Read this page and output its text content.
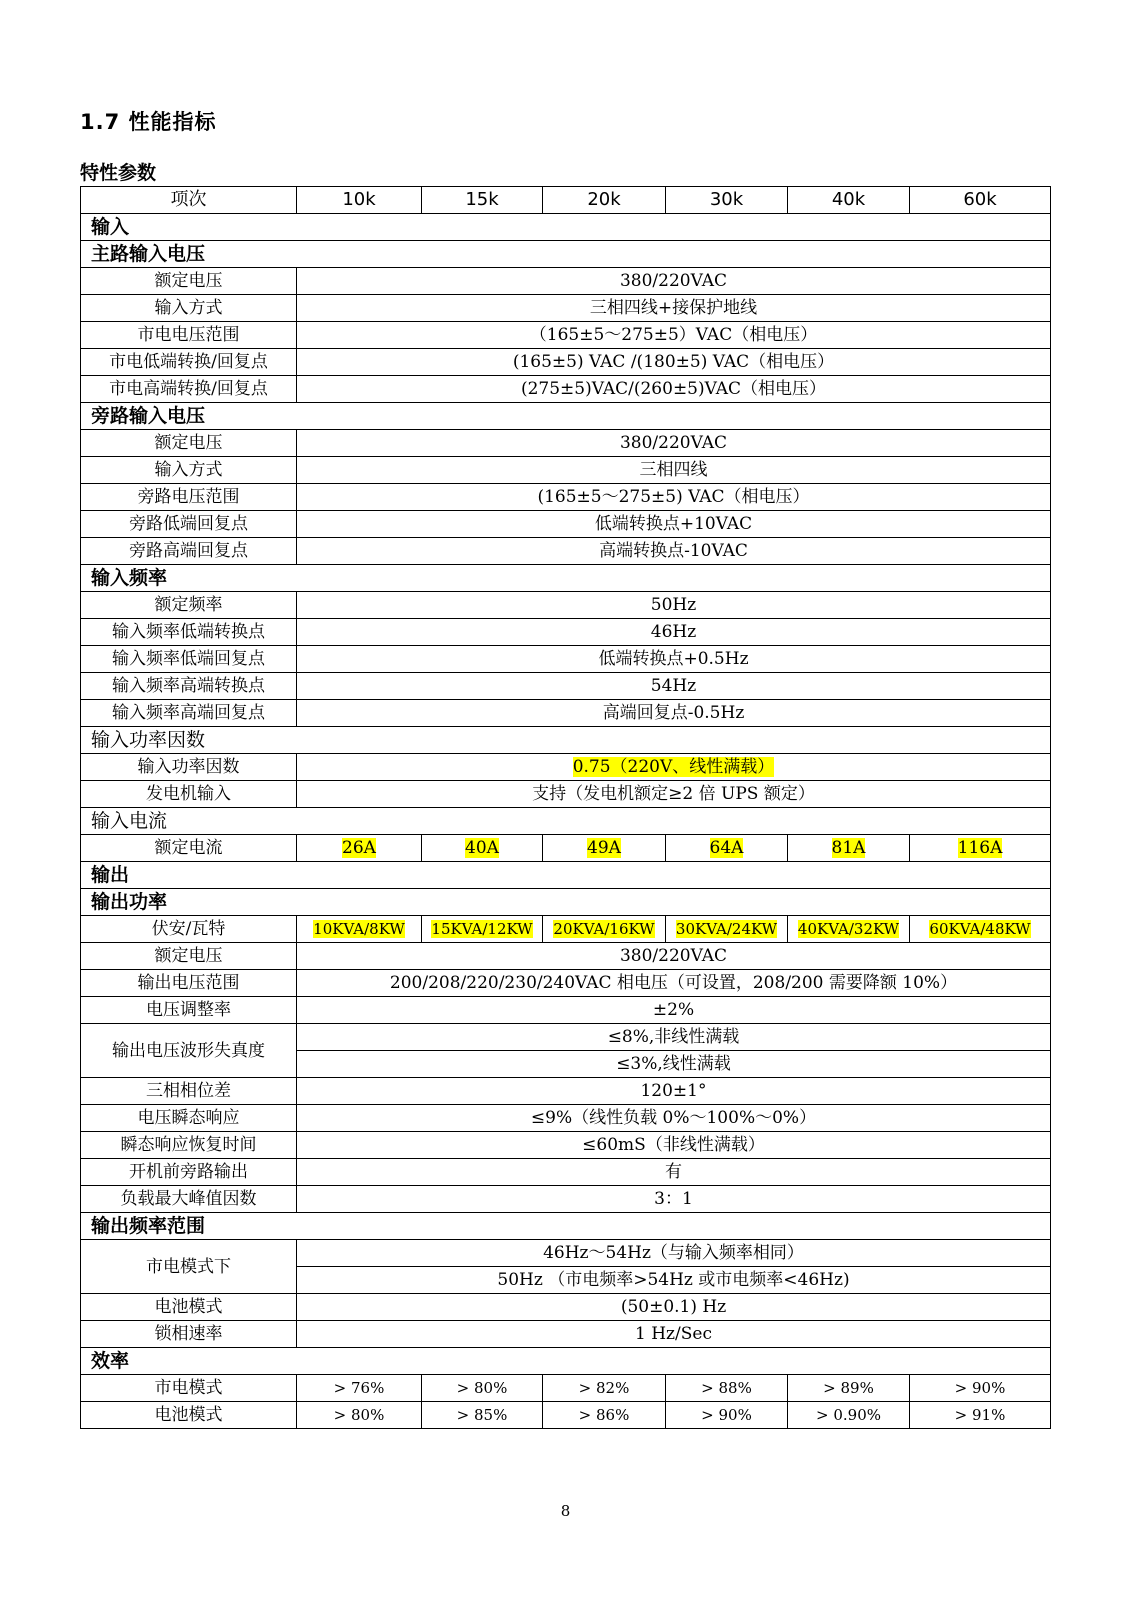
1.7 性能指标
特性参数
项次	10k	15k	20k	30k	40k	60k
输入						
主路输入电压						
额定电压	380/220VAC					
输入方式	三相四线+接保护地线					
市电电压范围	（165±5～275±5）VAC（相电压）					
市电低端转换/回复点	(165±5) VAC /(180±5) VAC（相电压）					
市电高端转换/回复点	(275±5)VAC/(260±5)VAC（相电压）					
旁路输入电压						
额定电压	380/220VAC					
输入方式	三相四线					
旁路电压范围	(165±5～275±5) VAC（相电压）					
旁路低端回复点	低端转换点+10VAC					
旁路高端回复点	高端转换点-10VAC					
输入频率						
额定频率	50Hz					
输入频率低端转换点	46Hz					
输入频率低端回复点	低端转换点+0.5Hz					
输入频率高端转换点	54Hz					
输入频率高端回复点	高端回复点-0.5Hz					
输入功率因数						
输入功率因数	0.75（220V、线性满载）					
发电机输入	支持（发电机额定≥2 倍 UPS 额定）					
输入电流						
额定电流	26A	40A	49A	64A	81A	116A
输出						
输出功率						
伏安/瓦特	10KVA/8KW	15KVA/12KW	20KVA/16KW	30KVA/24KW	40KVA/32KW	60KVA/48KW
额定电压	380/220VAC					
输出电压范围	200/208/220/230/240VAC 相电压（可设置，208/200 需要降额 10%）					
电压调整率	±2%					
输出电压波形失真度	≤8%,非线性满载					
	≤3%,线性满载					
三相相位差	120±1°					
电压瞬态响应	≤9%（线性负载 0%～100%～0%）					
瞬态响应恢复时间	≤60mS（非线性满载）					
开机前旁路输出	有					
负载最大峰值因数	3：1					
输出频率范围						
市电模式下	46Hz～54Hz（与输入频率相同）					
	50Hz （市电频率>54Hz 或市电频率<46Hz)					
电池模式	(50±0.1) Hz					
锁相速率	1 Hz/Sec					
效率						
市电模式	> 76%	> 80%	> 82%	> 88%	> 89%	> 90%
电池模式	> 80%	> 85%	> 86%	> 90%	> 0.90%	> 91%
8
